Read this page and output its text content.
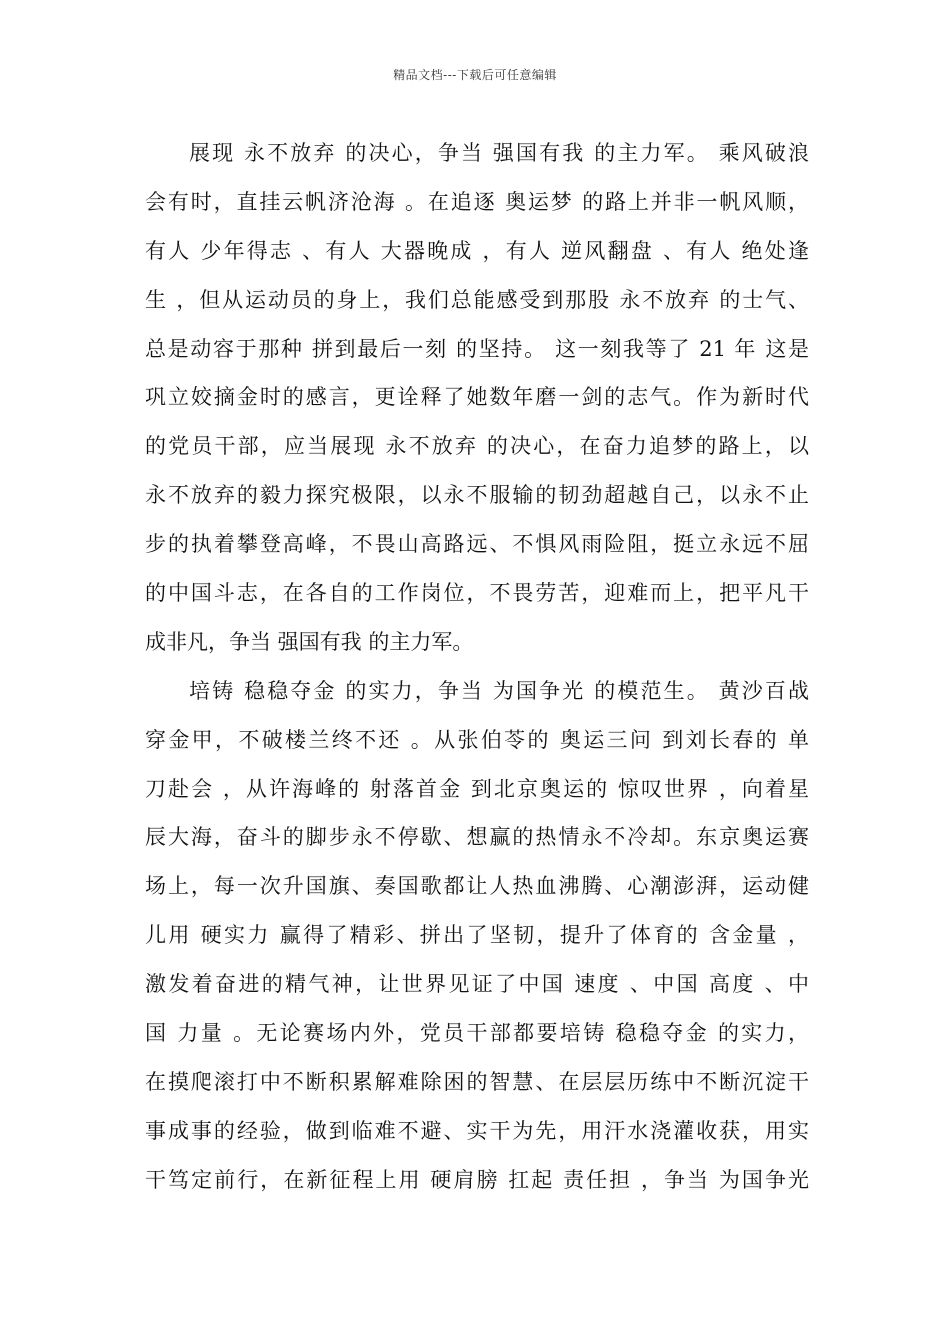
精品文档---下载后可任意编辑
展现 永不放弃 的决心，争当 强国有我 的主力军。 乘风破浪
会有时，直挂云帆济沧海 。在追逐 奥运梦 的路上并非一帆风顺，
有人 少年得志 、有人 大器晚成 ，有人 逆风翻盘 、有人 绝处逢
生 ，但从运动员的身上，我们总能感受到那股 永不放弃 的士气、
总是动容于那种 拼到最后一刻 的坚持。 这一刻我等了 21 年 这是
巩立姣摘金时的感言，更诠释了她数年磨一剑的志气。作为新时代
的党员干部，应当展现 永不放弃 的决心，在奋力追梦的路上，以
永不放弃的毅力探究极限，以永不服输的韧劲超越自己，以永不止
步的执着攀登高峰，不畏山高路远、不惧风雨险阻，挺立永远不屈
的中国斗志，在各自的工作岗位，不畏劳苦，迎难而上，把平凡干
成非凡，争当 强国有我 的主力军。
培铸 稳稳夺金 的实力，争当 为国争光 的模范生。 黄沙百战
穿金甲，不破楼兰终不还 。从张伯苓的 奥运三问 到刘长春的 单
刀赴会 ，从许海峰的 射落首金 到北京奥运的 惊叹世界 ，向着星
辰大海，奋斗的脚步永不停歇、想赢的热情永不冷却。东京奥运赛
场上，每一次升国旗、奏国歌都让人热血沸腾、心潮澎湃，运动健
儿用 硬实力 赢得了精彩、拼出了坚韧，提升了体育的 含金量 ，
激发着奋进的精气神，让世界见证了中国 速度 、中国 高度 、中
国 力量 。无论赛场内外，党员干部都要培铸 稳稳夺金 的实力，
在摸爬滚打中不断积累解难除困的智慧、在层层历练中不断沉淀干
事成事的经验，做到临难不避、实干为先，用汗水浇灌收获，用实
干笃定前行，在新征程上用 硬肩膀 扛起 责任担 ，争当 为国争光
